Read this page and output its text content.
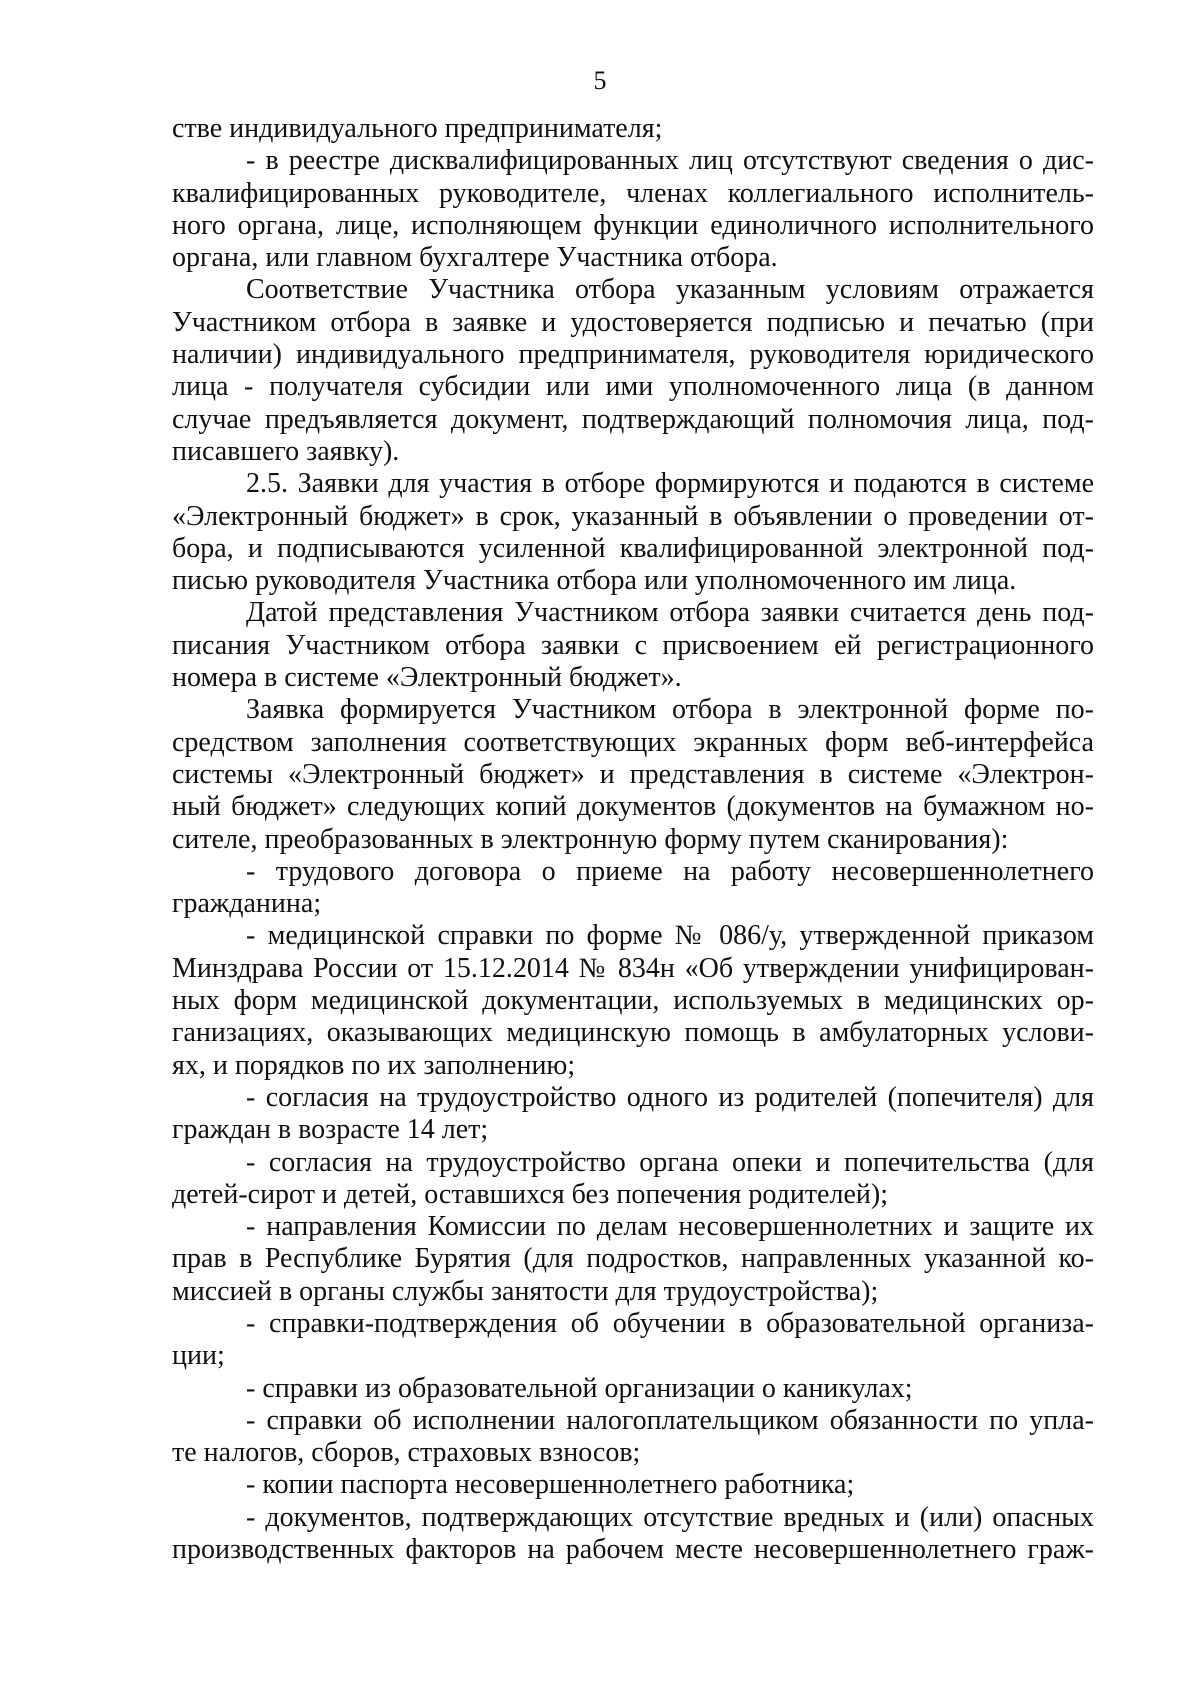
5
стве индивидуального предпринимателя;
- в реестре дисквалифицированных лиц отсутствуют сведения о дис-
квалифицированных руководителе, членах коллегиального исполнитель-
ного органа, лице, исполняющем функции единоличного исполнительного
органа, или главном бухгалтере Участника отбора.
Соответствие Участника отбора указанным условиям отражается
Участником отбора в заявке и удостоверяется подписью и печатью (при
наличии) индивидуального предпринимателя, руководителя юридического
лица - получателя субсидии или ими уполномоченного лица (в данном
случае предъявляется документ, подтверждающий полномочия лица, под-
писавшего заявку).
2.5. Заявки для участия в отборе формируются и подаются в системе
«Электронный бюджет» в срок, указанный в объявлении о проведении от-
бора, и подписываются усиленной квалифицированной электронной под-
писью руководителя Участника отбора или уполномоченного им лица.
Датой представления Участником отбора заявки считается день под-
писания Участником отбора заявки с присвоением ей регистрационного
номера в системе «Электронный бюджет».
Заявка формируется Участником отбора в электронной форме по-
средством заполнения соответствующих экранных форм веб-интерфейса
системы «Электронный бюджет» и представления в системе «Электрон-
ный бюджет» следующих копий документов (документов на бумажном но-
сителе, преобразованных в электронную форму путем сканирования):
- трудового договора о приеме на работу несовершеннолетнего
гражданина;
- медицинской справки по форме № 086/у, утвержденной приказом
Минздрава России от 15.12.2014 № 834н «Об утверждении унифицирован-
ных форм медицинской документации, используемых в медицинских ор-
ганизациях, оказывающих медицинскую помощь в амбулаторных услови-
ях, и порядков по их заполнению;
- согласия на трудоустройство одного из родителей (попечителя) для
граждан в возрасте 14 лет;
- согласия на трудоустройство органа опеки и попечительства (для
детей-сирот и детей, оставшихся без попечения родителей);
- направления Комиссии по делам несовершеннолетних и защите их
прав в Республике Бурятия (для подростков, направленных указанной ко-
миссией в органы службы занятости для трудоустройства);
- справки-подтверждения об обучении в образовательной организа-
ции;
- справки из образовательной организации о каникулах;
- справки об исполнении налогоплательщиком обязанности по упла-
те налогов, сборов, страховых взносов;
- копии паспорта несовершеннолетнего работника;
- документов, подтверждающих отсутствие вредных и (или) опасных
производственных факторов на рабочем месте несовершеннолетнего граж-
